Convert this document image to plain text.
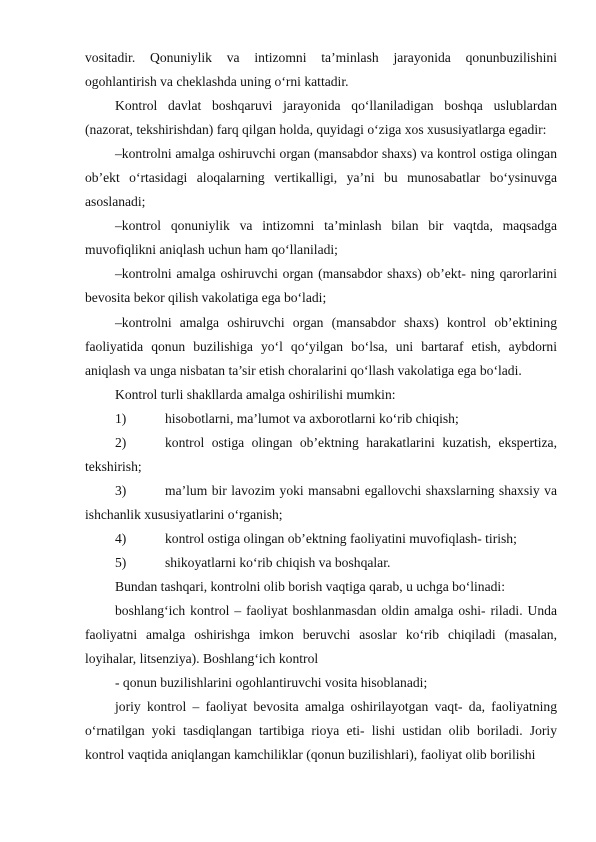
vositadir. Qonuniylik va intizomni ta’minlash jarayonida qonunbuzilishini ogohlantirish va cheklashda uning o‘rni kattadir.

Kontrol davlat boshqaruvi jarayonida qo‘llaniladigan boshqa uslublardan (nazorat, tekshirishdan) farq qilgan holda, quyidagi o‘ziga xos xususiyatlarga egadir:

–kontrolni amalga oshiruvchi organ (mansabdor shaxs) va kontrol ostiga olingan ob’ekt o‘rtasidagi aloqalarning vertikalligi, ya’ni bu munosabatlar bo‘ysinuvga asoslanadi;

–kontrol qonuniylik va intizomni ta’minlash bilan bir vaqtda, maqsadga muvofiqlikni aniqlash uchun ham qo‘llaniladi;

–kontrolni amalga oshiruvchi organ (mansabdor shaxs) ob’ekt- ning qarorlarini bevosita bekor qilish vakolatiga ega bo‘ladi;

–kontrolni amalga oshiruvchi organ (mansabdor shaxs) kontrol ob’ektining faoliyatida qonun buzilishiga yo‘l qo‘yilgan bo‘lsa, uni bartaraf etish, aybdorni aniqlash va unga nisbatan ta’sir etish choralarini qo‘llash vakolatiga ega bo‘ladi.

Kontrol turli shakllarda amalga oshirilishi mumkin:

1)	hisobotlarni, ma’lumot va axborotlarni ko‘rib chiqish;

2)	kontrol ostiga olingan ob’ektning harakatlarini kuzatish, ekspertiza, tekshirish;

3)	ma’lum bir lavozim yoki mansabni egallovchi shaxslarning shaxsiy va ishchanlik xususiyatlarini o‘rganish;

4)	kontrol ostiga olingan ob’ektning faoliyatini muvofiqlash- tirish;

5)	shikoyatlarni ko‘rib chiqish va boshqalar.

Bundan tashqari, kontrolni olib borish vaqtiga qarab, u uchga bo‘linadi:

boshlang‘ich kontrol – faoliyat boshlanmasdan oldin amalga oshi- riladi. Unda faoliyatni amalga oshirishga imkon beruvchi asoslar ko‘rib chiqiladi (masalan, loyihalar, litsenziya). Boshlang‘ich kontrol

- qonun buzilishlarini ogohlantiruvchi vosita hisoblanadi;

joriy kontrol – faoliyat bevosita amalga oshirilayotgan vaqt- da, faoliyatning o‘rnatilgan yoki tasdiqlangan tartibiga rioya eti- lishi ustidan olib boriladi. Joriy kontrol vaqtida aniqlangan kamchiliklar (qonun buzilishlari), faoliyat olib borilishi
